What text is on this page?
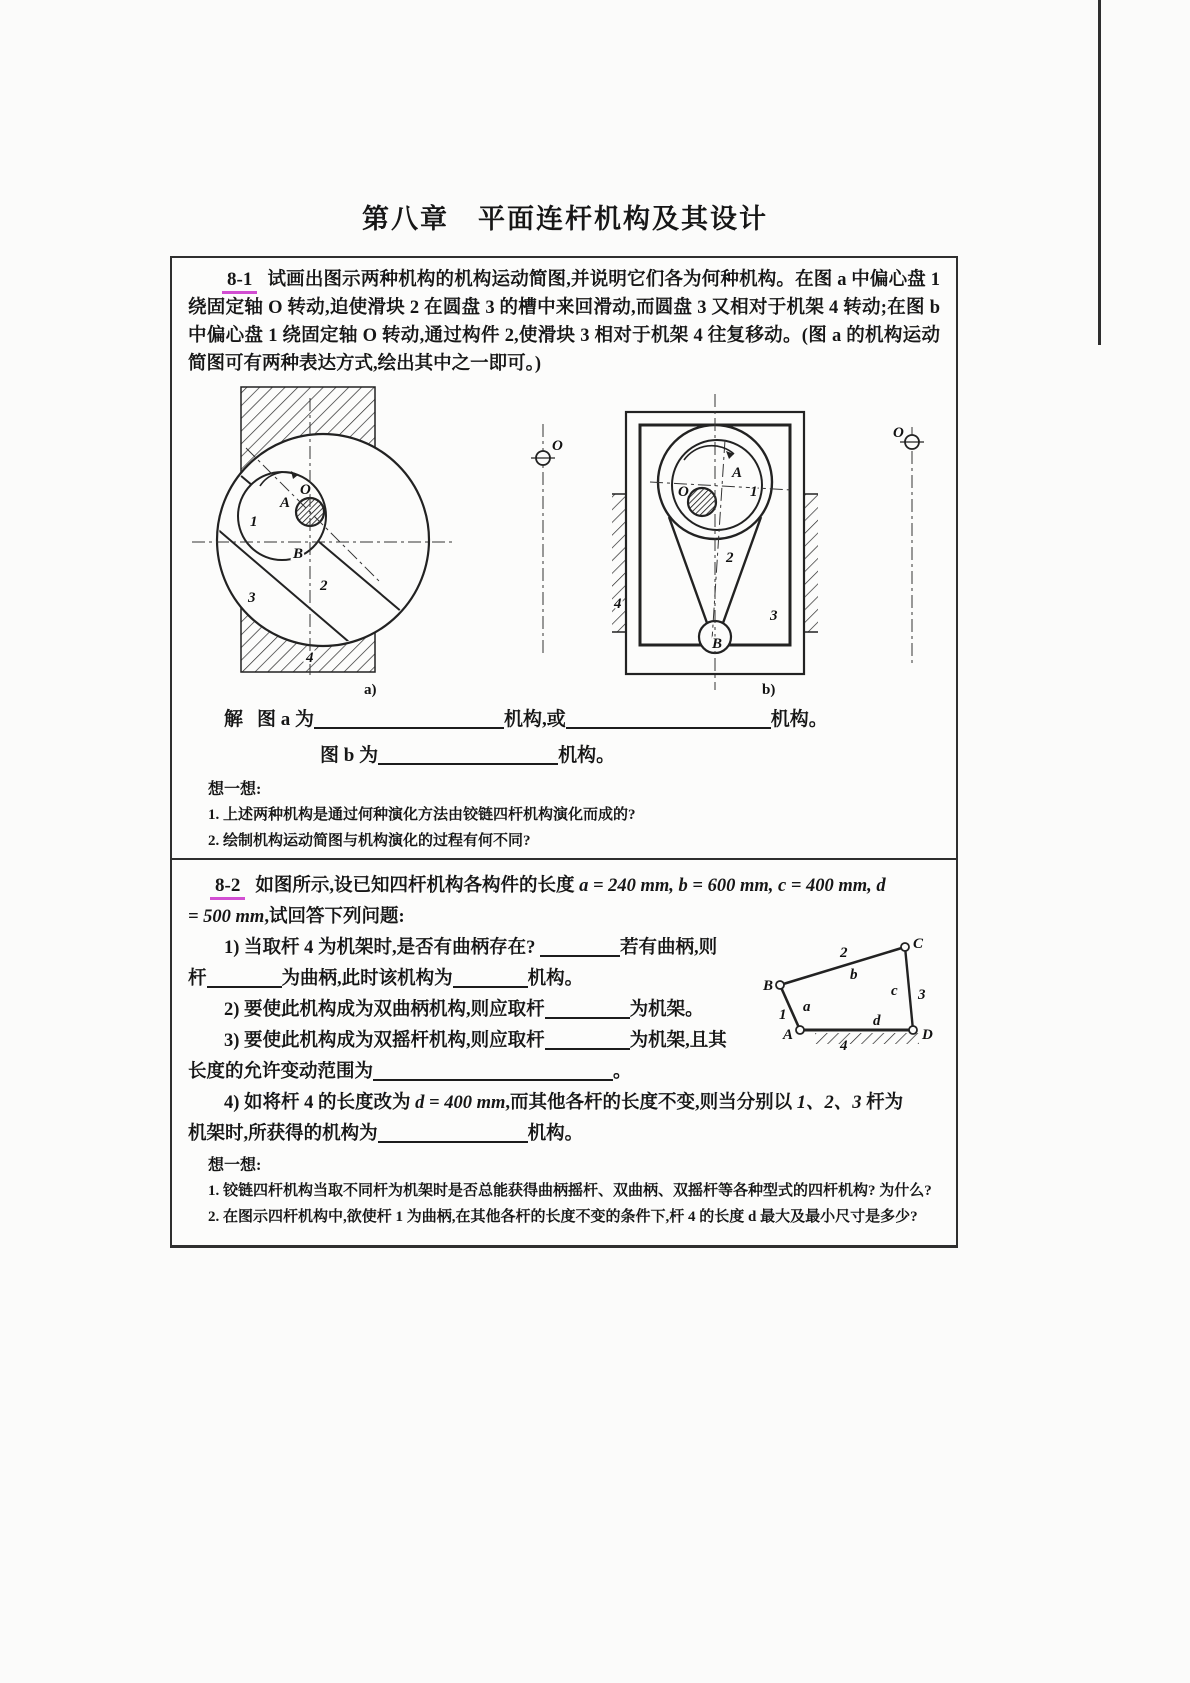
第八章　平面连杆机构及其设计

8-1 试画出图示两种机构的机构运动简图,并说明它们各为何种机构。在图 a 中偏心盘 1 绕固定轴 O 转动,迫使滑块 2 在圆盘 3 的槽中来回滑动,而圆盘 3 又相对于机架 4 转动;在图 b 中偏心盘 1 绕固定轴 O 转动,通过构件 2,使滑块 3 相对于机架 4 往复移动。(图 a 的机构运动简图可有两种表达方式,绘出其中之一即可。)

O
A
B
1
2
3
4
O
a)
O
A
1
2
3
4
B
O
b)
解 图 a 为	机构,或	机构。
图 b 为	机构。
想一想:
1. 上述两种机构是通过何种演化方法由铰链四杆机构演化而成的?
2. 绘制机构运动简图与机构演化的过程有何不同?
8-2 如图所示,设已知四杆机构各构件的长度 a = 240 mm, b = 600 mm, c = 400 mm, d
= 500 mm,试回答下列问题:
B
2
b
C
c 3
1 a
A
d
4
D

1) 当取杆 4 为机架时,是否有曲柄存在?	若有曲柄,则
杆	为曲柄,此时该机构为	机构。

2) 要使此机构成为双曲柄机构,则应取杆	为机架。

3) 要使此机构成为双摇杆机构,则应取杆	为机架,且其
长度的允许变动范围为	。

4) 如将杆 4 的长度改为 d = 400 mm,而其他各杆的长度不变,则当分别以 1、2、3 杆为
机架时,所获得的机构为	机构。

想一想:
1. 铰链四杆机构当取不同杆为机架时是否总能获得曲柄摇杆、双曲柄、双摇杆等各种型式的四杆机构? 为什么?
2. 在图示四杆机构中,欲使杆 1 为曲柄,在其他各杆的长度不变的条件下,杆 4 的长度 d 最大及最小尺寸是多少?
